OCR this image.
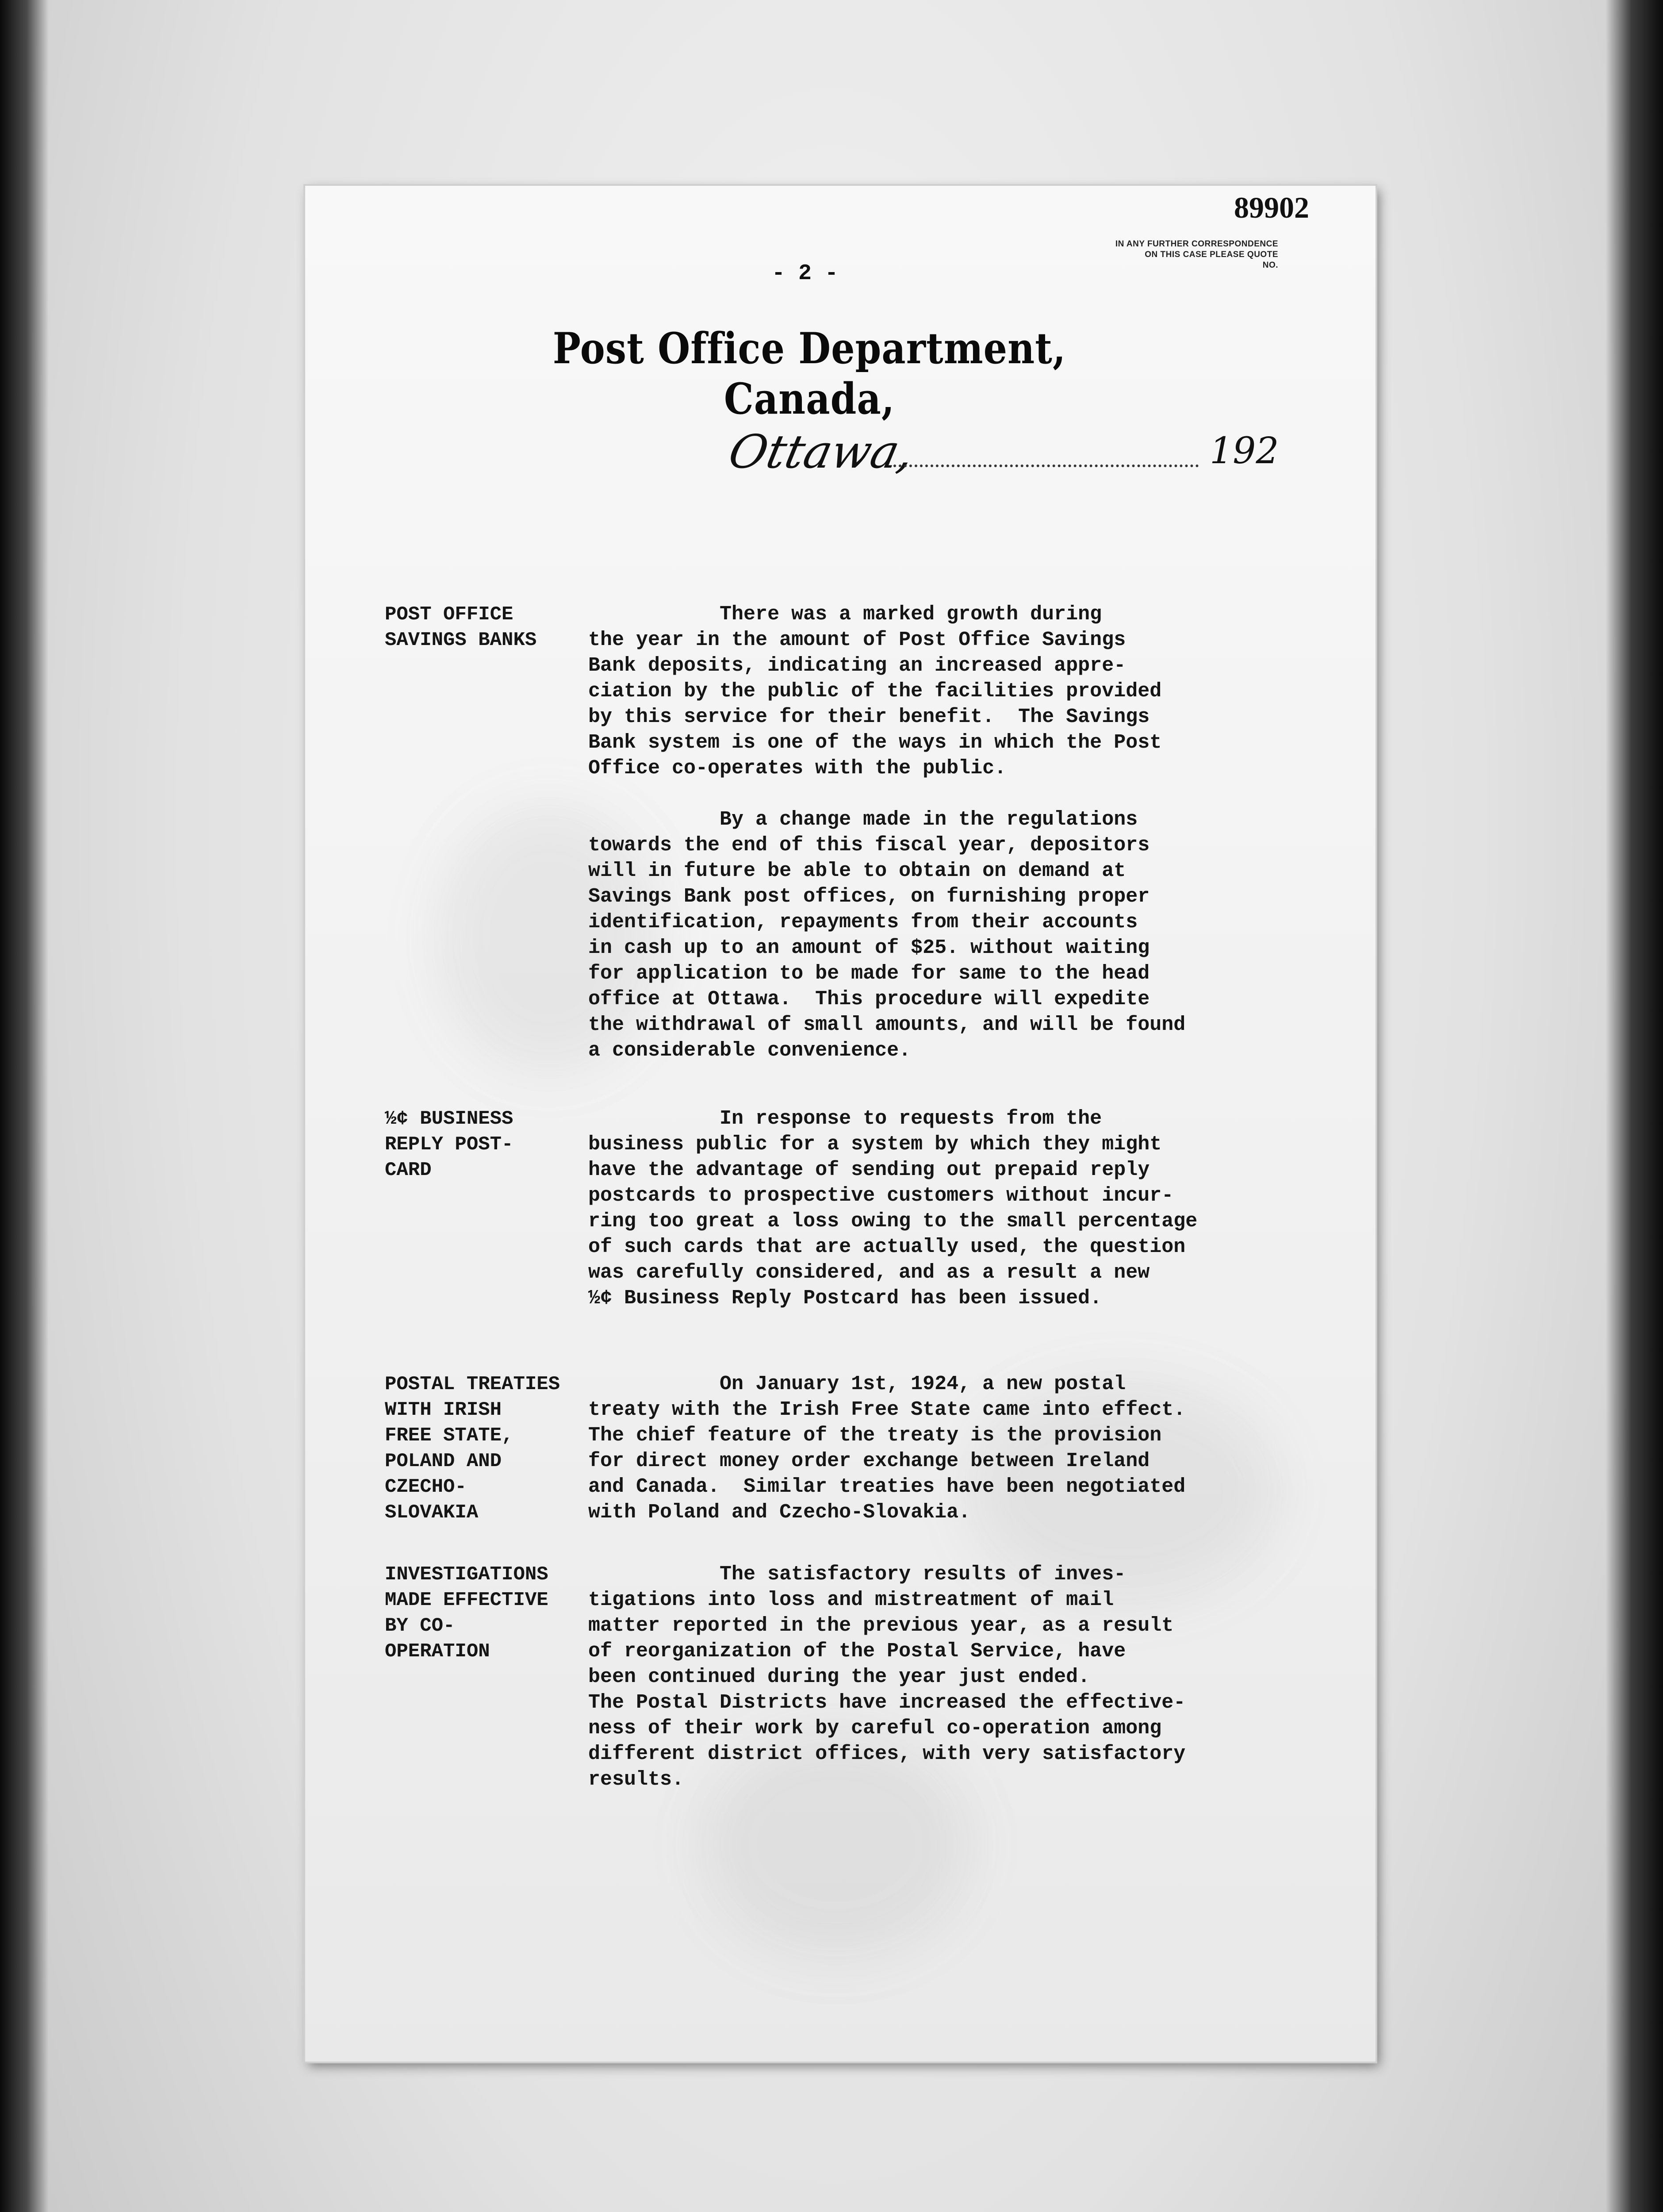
89902
IN ANY FURTHER CORRESPONDENCE
ON THIS CASE PLEASE QUOTE
NO.
- 2 -
Post Office Department, Canada,
Ottawa,	192
POST OFFICE
SAVINGS BANKS
There was a marked growth during
the year in the amount of Post Office Savings
Bank deposits, indicating an increased appre-
ciation by the public of the facilities provided
by this service for their benefit.  The Savings
Bank system is one of the ways in which the Post
Office co-operates with the public.
By a change made in the regulations
towards the end of this fiscal year, depositors
will in future be able to obtain on demand at
Savings Bank post offices, on furnishing proper
identification, repayments from their accounts
in cash up to an amount of $25. without waiting
for application to be made for same to the head
office at Ottawa.  This procedure will expedite
the withdrawal of small amounts, and will be found
a considerable convenience.
½¢ BUSINESS
REPLY POST-
CARD
In response to requests from the
business public for a system by which they might
have the advantage of sending out prepaid reply
postcards to prospective customers without incur-
ring too great a loss owing to the small percentage
of such cards that are actually used, the question
was carefully considered, and as a result a new
½¢ Business Reply Postcard has been issued.
POSTAL TREATIES
WITH IRISH
FREE STATE,
POLAND AND
CZECHO-
SLOVAKIA
On January 1st, 1924, a new postal
treaty with the Irish Free State came into effect.
The chief feature of the treaty is the provision
for direct money order exchange between Ireland
and Canada.  Similar treaties have been negotiated
with Poland and Czecho-Slovakia.
INVESTIGATIONS
MADE EFFECTIVE
BY CO-
OPERATION
The satisfactory results of inves-
tigations into loss and mistreatment of mail
matter reported in the previous year, as a result
of reorganization of the Postal Service, have
been continued during the year just ended.
The Postal Districts have increased the effective-
ness of their work by careful co-operation among
different district offices, with very satisfactory
results.
